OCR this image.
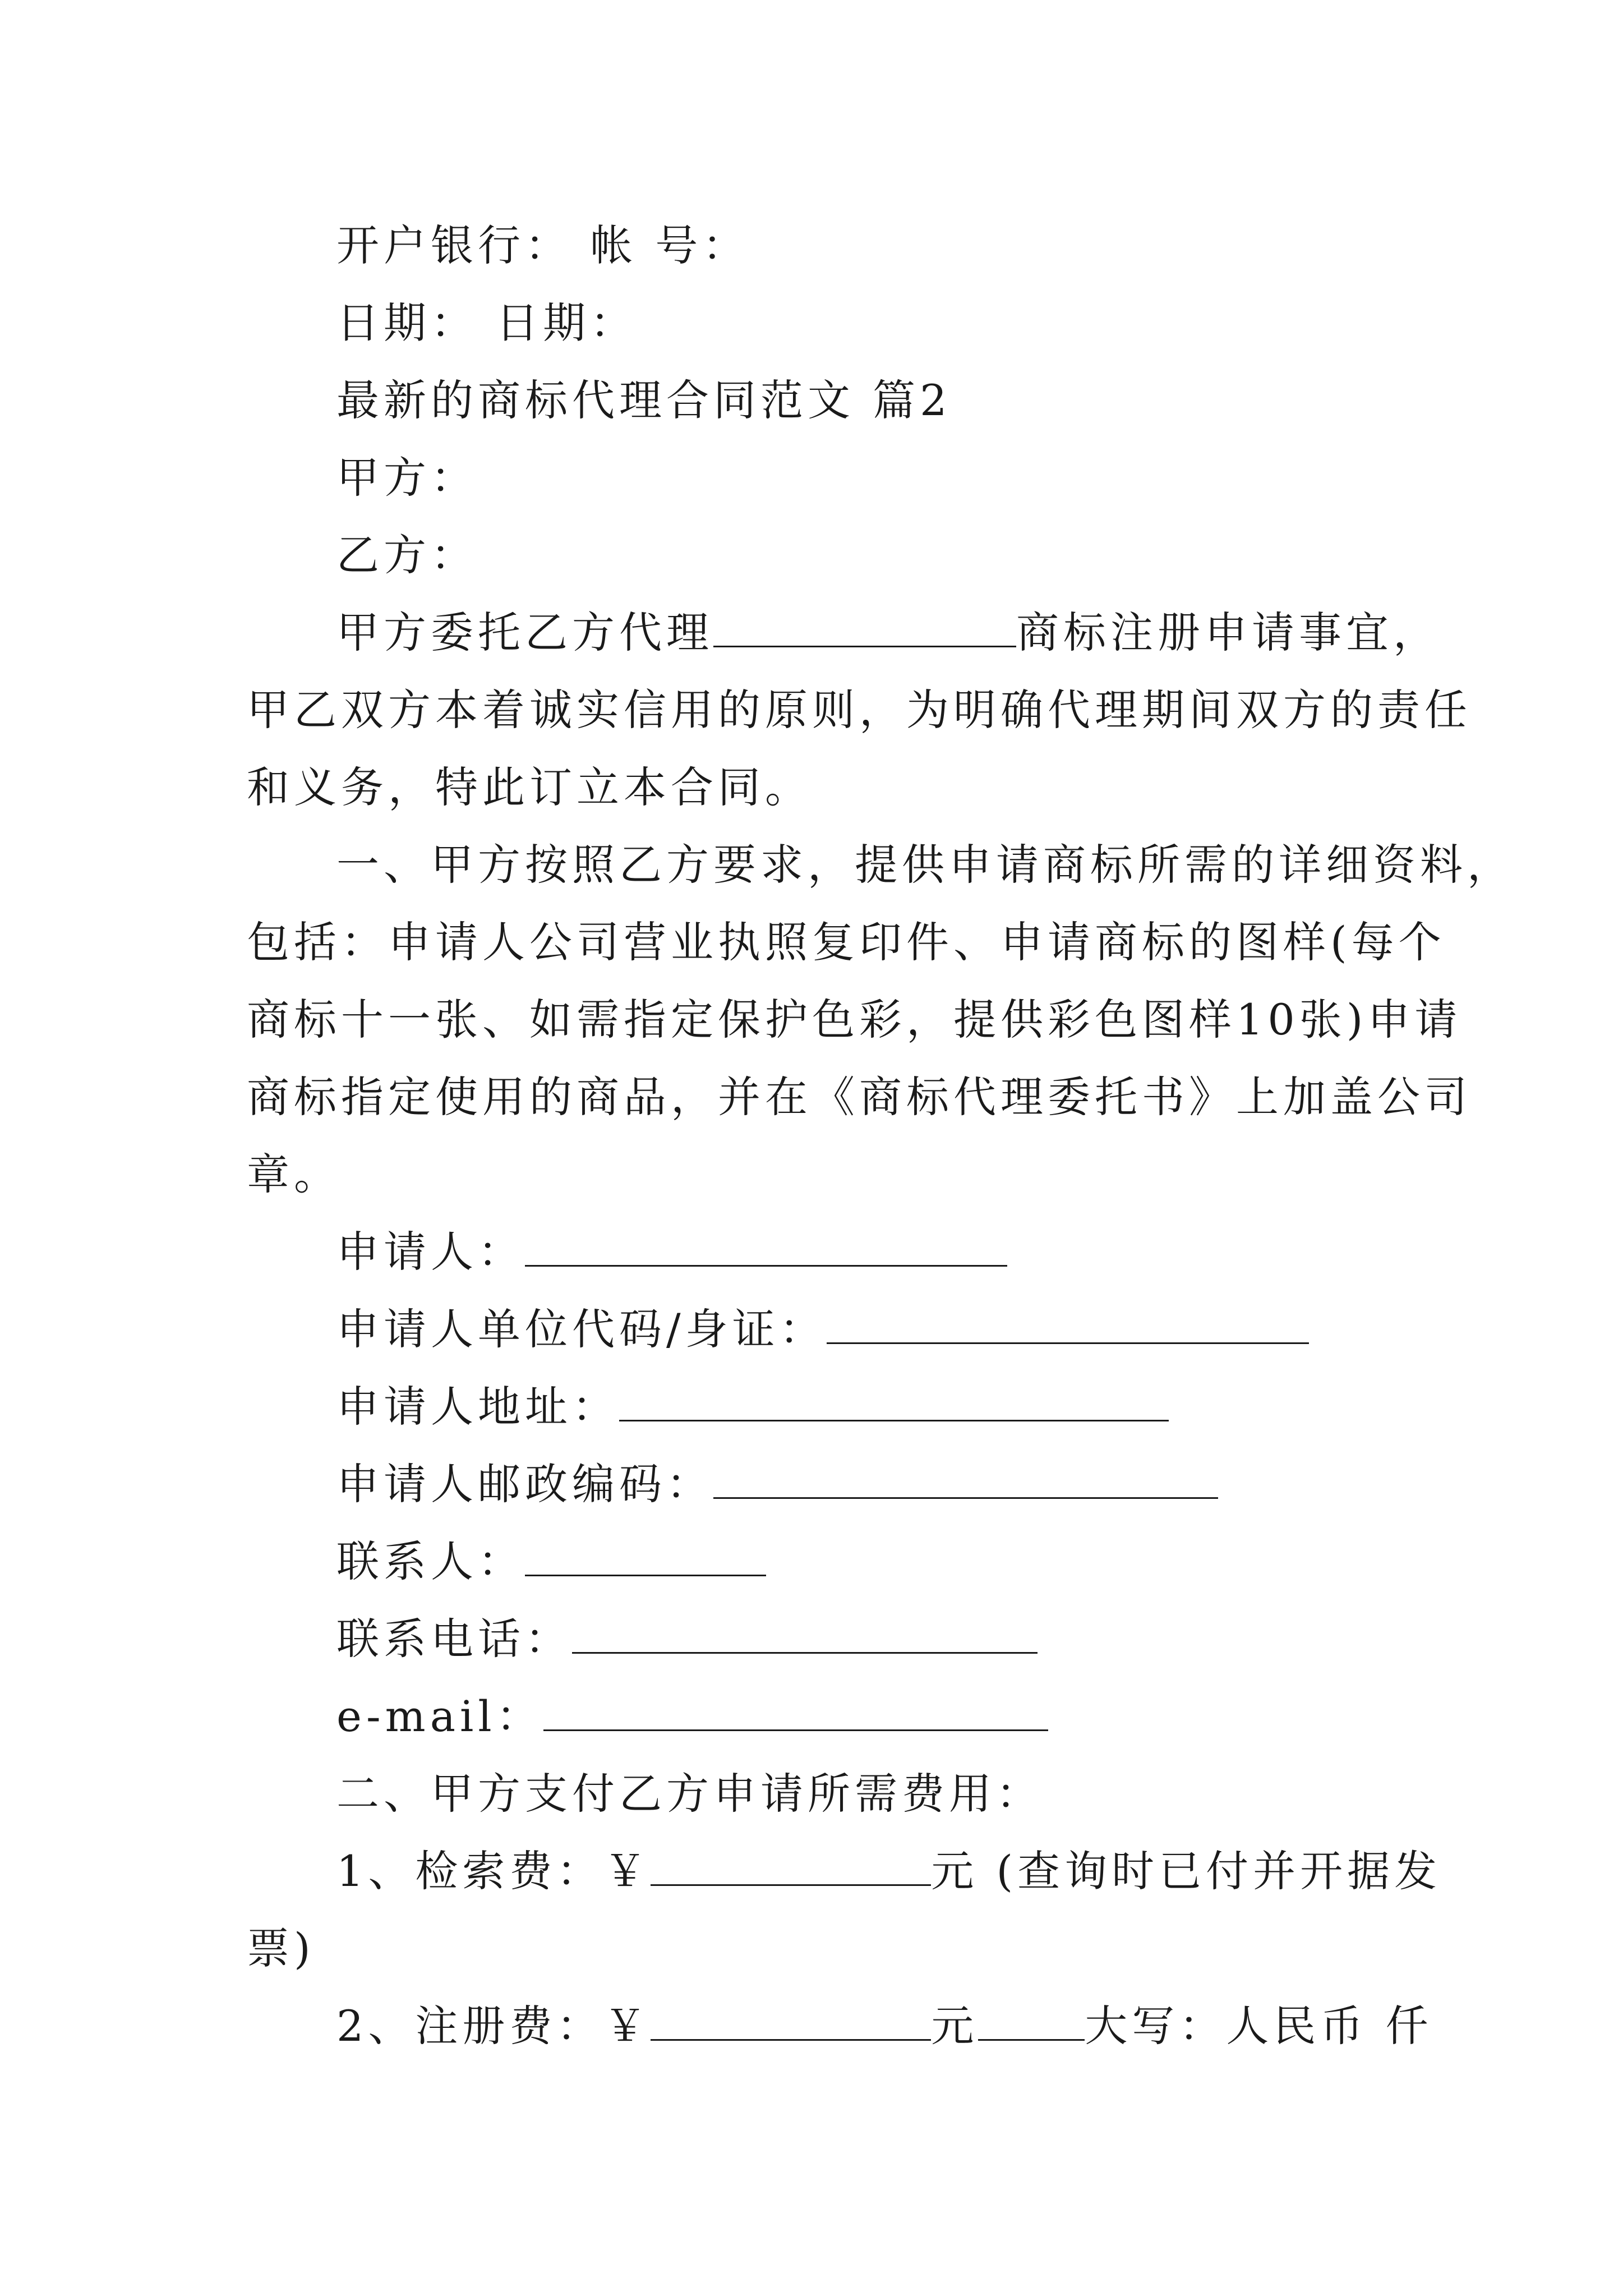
开户银行： 帐 号：
日期： 日期：
最新的商标代理合同范文 篇2
甲方：
乙方：
甲方委托乙方代理	商标注册申请事宜，
甲乙双方本着诚实信用的原则，为明确代理期间双方的责任
和义务，特此订立本合同。
一、甲方按照乙方要求，提供申请商标所需的详细资料，
包括：申请人公司营业执照复印件、申请商标的图样(每个
商标十一张、如需指定保护色彩，提供彩色图样10张)申请
商标指定使用的商品，并在《商标代理委托书》上加盖公司
章。
申请人：
申请人单位代码/身证：
申请人地址：
申请人邮政编码：
联系人：
联系电话：
e-mail：
二、甲方支付乙方申请所需费用：
1、检索费：￥	元 (查询时已付并开据发
票)
2、注册费：￥	元	大写：人民币 仟
